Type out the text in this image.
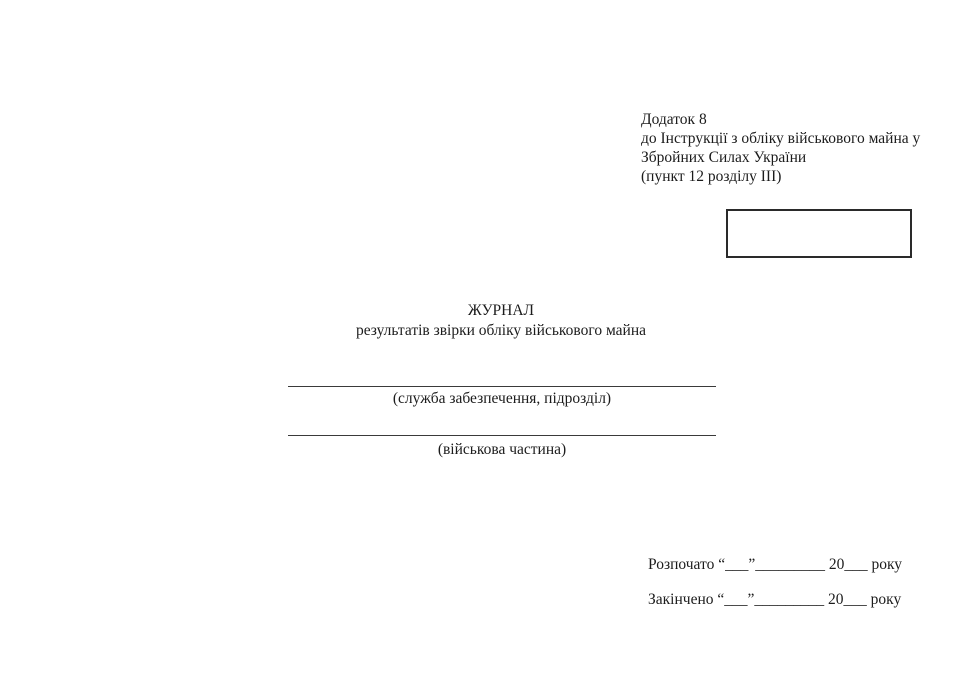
Додаток 8
до Інструкції з обліку військового майна у
Збройних Силах України
(пункт 12 розділу ІІІ)
ЖУРНАЛ
результатів звірки обліку військового майна
(служба забезпечення, підрозділ)
(військова частина)
Розпочато “___”_________ 20___ року
Закінчено “___”_________ 20___ року
